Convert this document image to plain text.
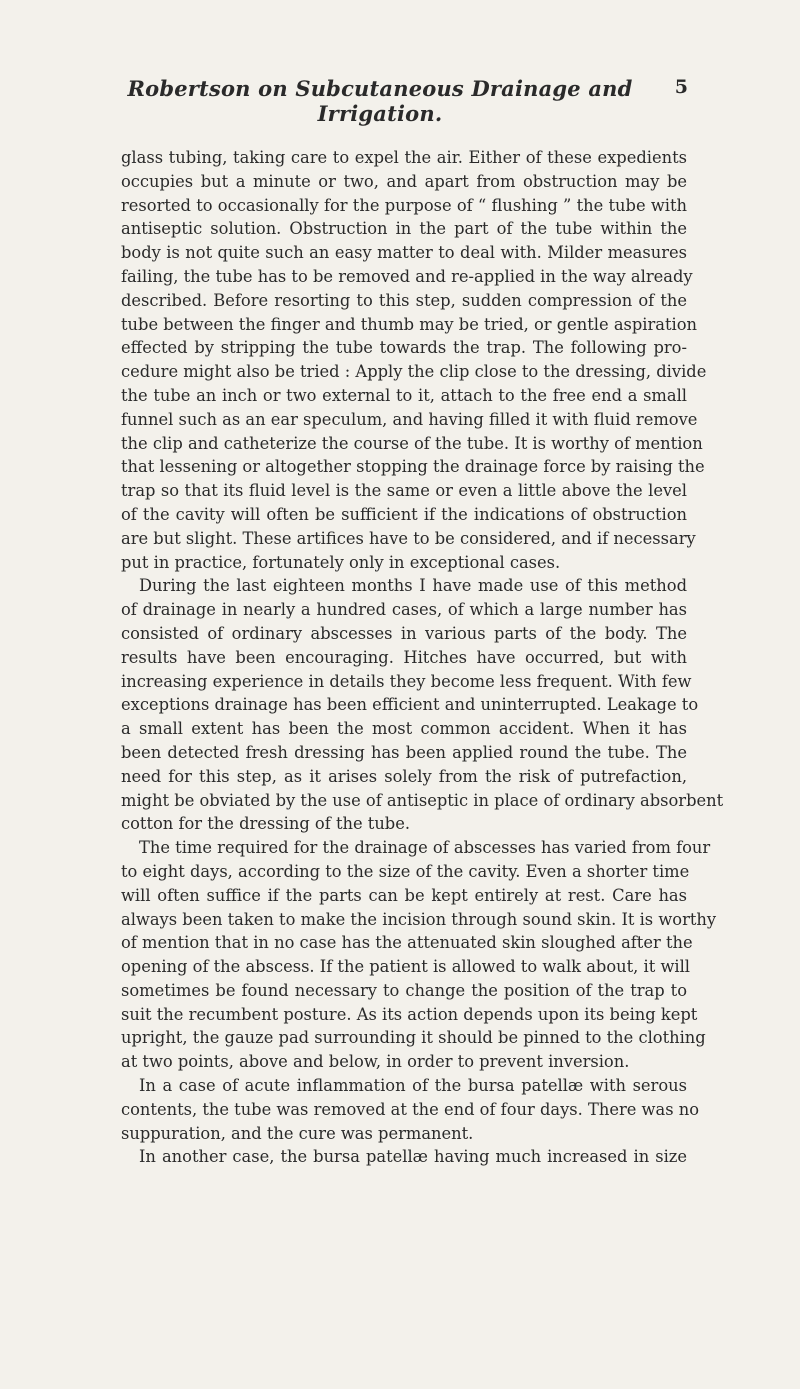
Robertson on Subcutaneous Drainage and Irrigation.
5
glass tubing, taking care to expel the air. Either of these expedients
occupies but a minute or two, and apart from obstruction may be
resorted to occasionally for the purpose of “ flushing ” the tube with
antiseptic solution. Obstruction in the part of the tube within the
body is not quite such an easy matter to deal with. Milder measures
failing, the tube has to be removed and re-applied in the way already
described. Before resorting to this step, sudden compression of the
tube between the finger and thumb may be tried, or gentle aspiration
effected by stripping the tube towards the trap. The following pro-
cedure might also be tried : Apply the clip close to the dressing, divide
the tube an inch or two external to it, attach to the free end a small
funnel such as an ear speculum, and having filled it with fluid remove
the clip and catheterize the course of the tube. It is worthy of mention
that lessening or altogether stopping the drainage force by raising the
trap so that its fluid level is the same or even a little above the level
of the cavity will often be sufficient if the indications of obstruction
are but slight. These artifices have to be considered, and if necessary
put in practice, fortunately only in exceptional cases.
During the last eighteen months I have made use of this method
of drainage in nearly a hundred cases, of which a large number has
consisted of ordinary abscesses in various parts of the body. The
results have been encouraging. Hitches have occurred, but with
increasing experience in details they become less frequent. With few
exceptions drainage has been efficient and uninterrupted. Leakage to
a small extent has been the most common accident. When it has
been detected fresh dressing has been applied round the tube. The
need for this step, as it arises solely from the risk of putrefaction,
might be obviated by the use of antiseptic in place of ordinary absorbent
cotton for the dressing of the tube.
The time required for the drainage of abscesses has varied from four
to eight days, according to the size of the cavity. Even a shorter time
will often suffice if the parts can be kept entirely at rest. Care has
always been taken to make the incision through sound skin. It is worthy
of mention that in no case has the attenuated skin sloughed after the
opening of the abscess. If the patient is allowed to walk about, it will
sometimes be found necessary to change the position of the trap to
suit the recumbent posture. As its action depends upon its being kept
upright, the gauze pad surrounding it should be pinned to the clothing
at two points, above and below, in order to prevent inversion.
In a case of acute inflammation of the bursa patellæ with serous
contents, the tube was removed at the end of four days. There was no
suppuration, and the cure was permanent.
In another case, the bursa patellæ having much increased in size
